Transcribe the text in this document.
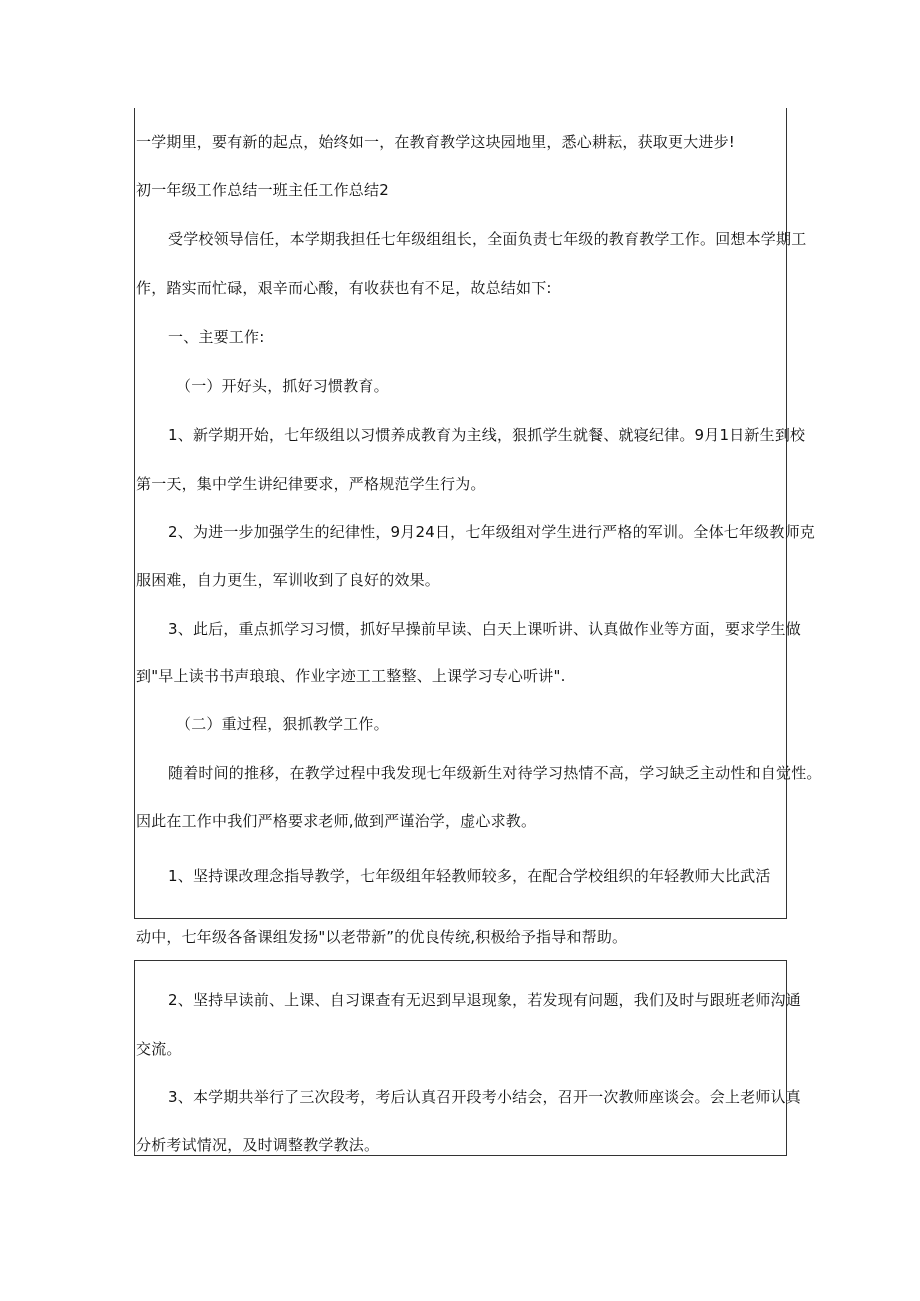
一学期里，要有新的起点，始终如一，在教育教学这块园地里，悉心耕耘，获取更大进步!
初一年级工作总结一班主任工作总结2
受学校领导信任，本学期我担任七年级组组长，全面负责七年级的教育教学工作。回想本学期工
作，踏实而忙碌，艰辛而心酸，有收获也有不足，故总结如下:
一、主要工作:
（一）开好头，抓好习惯教育。
1、新学期开始，七年级组以习惯养成教育为主线，狠抓学生就餐、就寝纪律。9月1日新生到校
第一天，集中学生讲纪律要求，严格规范学生行为。
2、为进一步加强学生的纪律性，9月24日，七年级组对学生进行严格的军训。全体七年级教师克
服困难，自力更生，军训收到了良好的效果。
3、此后，重点抓学习习惯，抓好早操前早读、白天上课听讲、认真做作业等方面，要求学生做
到"早上读书书声琅琅、作业字迹工工整整、上课学习专心听讲".
（二）重过程，狠抓教学工作。
随着时间的推移，在教学过程中我发现七年级新生对待学习热情不高，学习缺乏主动性和自觉性。
因此在工作中我们严格要求老师,做到严谨治学，虚心求教。
1、坚持课改理念指导教学，七年级组年轻教师较多，在配合学校组织的年轻教师大比武活
动中，七年级各备课组发扬"以老带新”的优良传统,积极给予指导和帮助。
2、坚持早读前、上课、自习课查有无迟到早退现象，若发现有问题，我们及时与跟班老师沟通
交流。
3、本学期共举行了三次段考，考后认真召开段考小结会，召开一次教师座谈会。会上老师认真
分析考试情况，及时调整教学教法。
